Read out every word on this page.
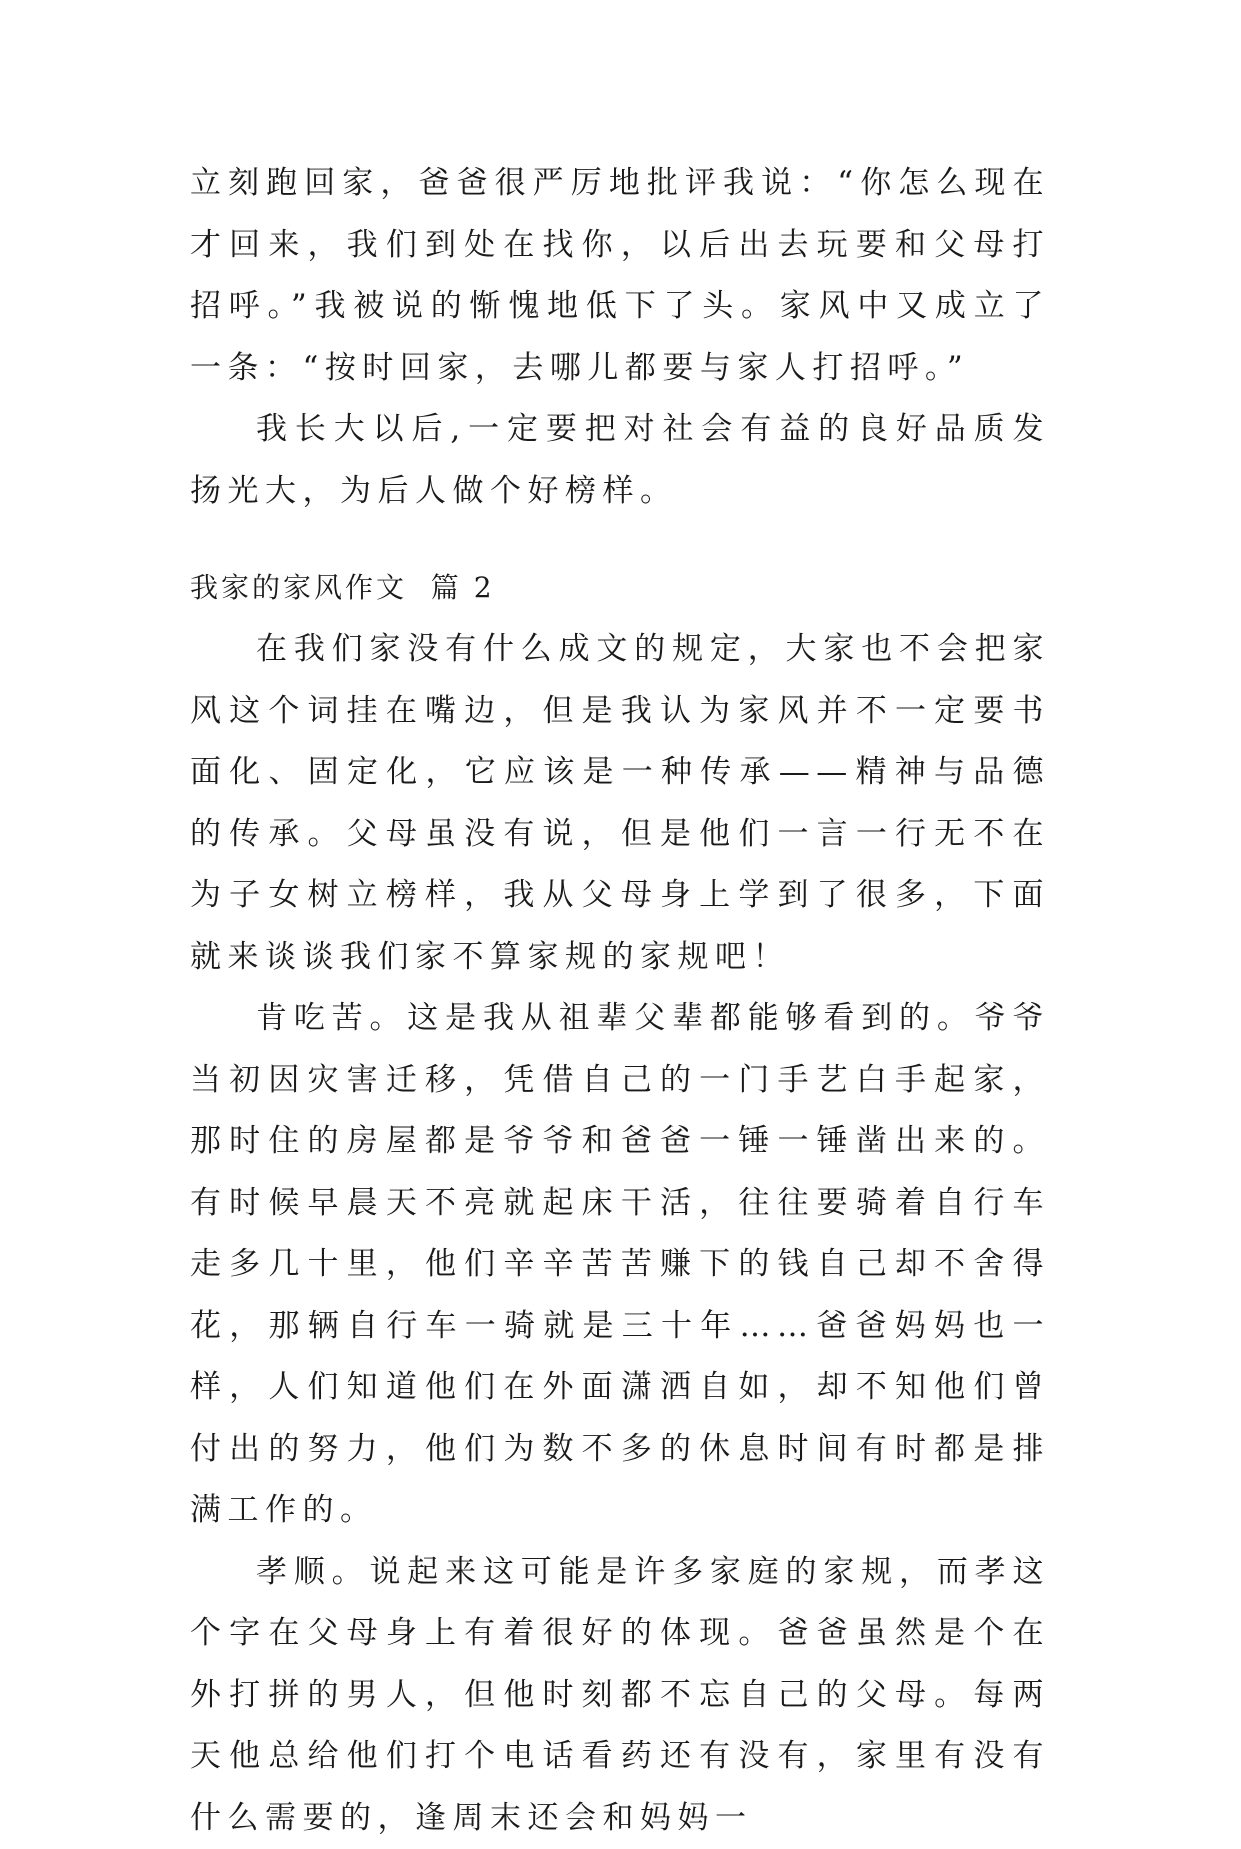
立刻跑回家，爸爸很严厉地批评我说：“你怎么现在才回来，我们到处在找你，以后出去玩要和父母打招呼。”我被说的惭愧地低下了头。家风中又成立了一条：“按时回家，去哪儿都要与家人打招呼。”

我长大以后,一定要把对社会有益的良好品质发扬光大，为后人做个好榜样。

我家的家风作文  篇 2

在我们家没有什么成文的规定，大家也不会把家风这个词挂在嘴边，但是我认为家风并不一定要书面化、固定化，它应该是一种传承——精神与品德的传承。父母虽没有说，但是他们一言一行无不在为子女树立榜样，我从父母身上学到了很多，下面就来谈谈我们家不算家规的家规吧！

肯吃苦。这是我从祖辈父辈都能够看到的。爷爷当初因灾害迁移，凭借自己的一门手艺白手起家，那时住的房屋都是爷爷和爸爸一锤一锤凿出来的。有时候早晨天不亮就起床干活，往往要骑着自行车走多几十里，他们辛辛苦苦赚下的钱自己却不舍得花，那辆自行车一骑就是三十年……爸爸妈妈也一样，人们知道他们在外面潇洒自如，却不知他们曾付出的努力，他们为数不多的休息时间有时都是排满工作的。

孝顺。说起来这可能是许多家庭的家规，而孝这个字在父母身上有着很好的体现。爸爸虽然是个在外打拼的男人，但他时刻都不忘自己的父母。每两天他总给他们打个电话看药还有没有，家里有没有什么需要的，逢周末还会和妈妈一
